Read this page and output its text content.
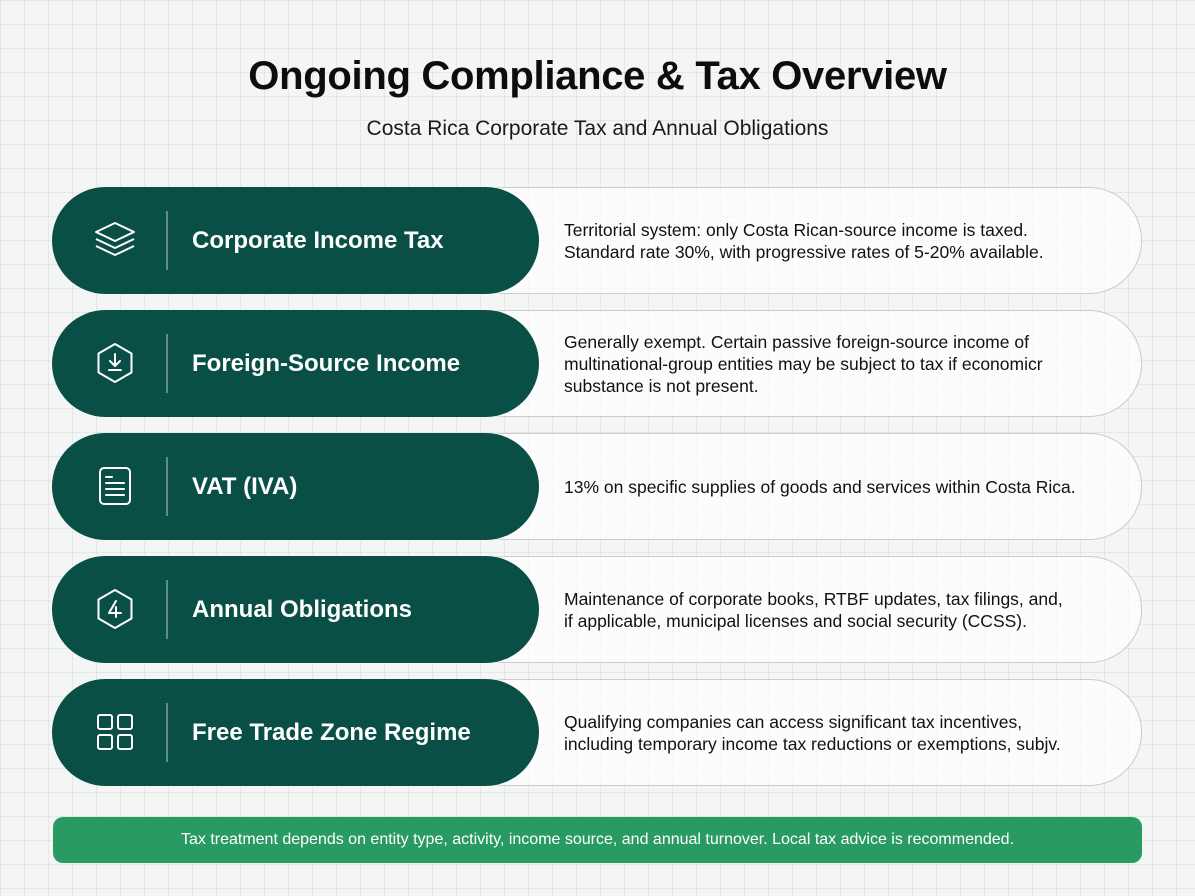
Ongoing Compliance & Tax Overview
Costa Rica Corporate Tax and Annual Obligations
Territorial system: only Costa Rican-source income is taxed.
Standard rate 30%, with progressive rates of 5-20% available.
Corporate Income Tax
Generally exempt. Certain passive foreign-source income of
multinational-group entities may be subject to tax if economicr
substance is not present.
Foreign-Source Income
13% on specific supplies of goods and services within Costa Rica.
VAT (IVA)
Maintenance of corporate books, RTBF updates, tax filings, and,
if applicable, municipal licenses and social security (CCSS).
Annual Obligations
Qualifying companies can access significant tax incentives,
including temporary income tax reductions or exemptions, subjv.
Free Trade Zone Regime
Tax treatment depends on entity type, activity, income source, and annual turnover. Local tax advice is recommended.
